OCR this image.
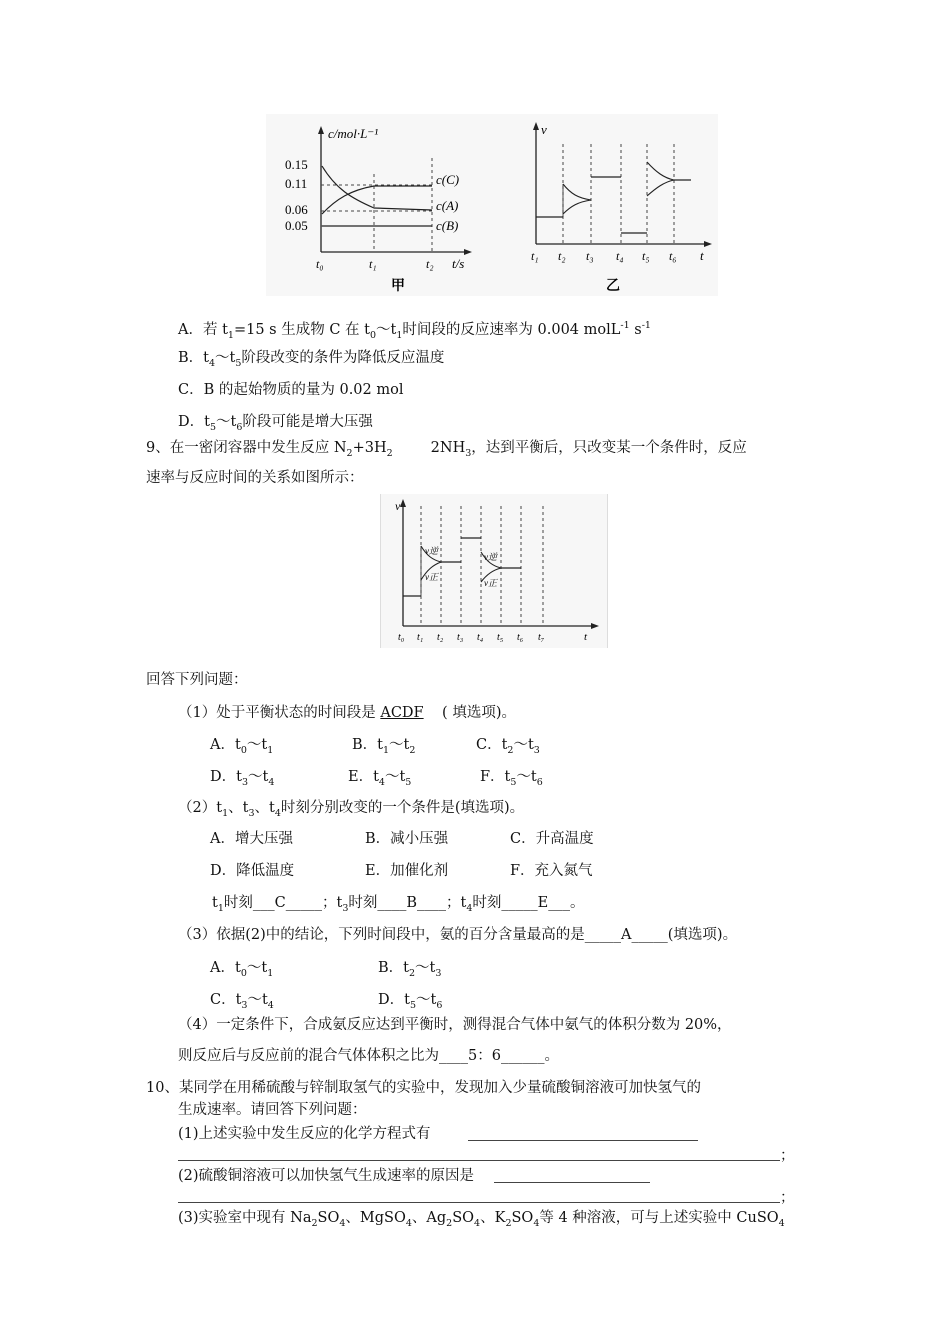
c/mol·L⁻¹
0.15
0.11
0.06
0.05
c(C)
c(A)
c(B)
t₀	t₁	t₂ t/s
甲
v
t₁ t₂ t₃ t₄ t₅ t₆ t
乙
A．若 $t_1=15$ s 生成物 C 在 $t_0\sim t_1$时间段的反应速率为 0.004 molL$^{-1}$ $s^{-1}$
B．$t_4\sim t_5$阶段改变的条件为降低反应温度
C．B 的起始物质的量为 0.02 mol
D．$t_5\sim t_6$阶段可能是增大压强
9、在一密闭容器中发生反应 $N_2+3H_2$	$2NH_3$，达到平衡后，只改变某一个条件时，反应
速率与反应时间的关系如图所示：
v
v逆
v正
v逆
v正
t₀ t₁ t₂ t₃ t₄ t₅ t₆ t₇	t
回答下列问题：
（1）处于平衡状态的时间段是 ACDF ( 填选项)。
A．$t_0\sim t_1$	B．$t_1\sim t_2$	C．$t_2\sim t_3$
D．$t_3\sim t_4$	E．$t_4\sim t_5$	F．$t_5\sim t_6$
$(2)t_1$、$t_3$、$t_4$时刻分别改变的一个条件是(填选项)。
A．增大压强	B．减小压强	C．升高温度
D．降低温度	E．加催化剂	F．充入氮气
$t_1$时刻___C_____；$t_3$时刻____B____；$t_4$时刻_____E___。
（3）依据(2)中的结论，下列时间段中，氨的百分含量最高的是_____A_____(填选项)。
A．$t_0\sim t_1$	B．$t_2\sim t_3$
C．$t_3\sim t_4$	D．$t_5\sim t_6$
（4）一定条件下，合成氨反应达到平衡时，测得混合气体中氨气的体积分数为 20%，
则反应后与反应前的混合气体体积之比为____5：6______。
10、某同学在用稀硫酸与锌制取氢气的实验中，发现加入少量硫酸铜溶液可加快氢气的
生成速率。请回答下列问题：
(1)上述实验中发生反应的化学方程式有
；
(2)硫酸铜溶液可以加快氢气生成速率的原因是
；
(3)实验室中现有 $Na_2SO_4$、MgSO$_4$、$Ag_2SO_4$、$K_2SO_4$等 4 种溶液，可与上述实验中 CuSO$_4$
